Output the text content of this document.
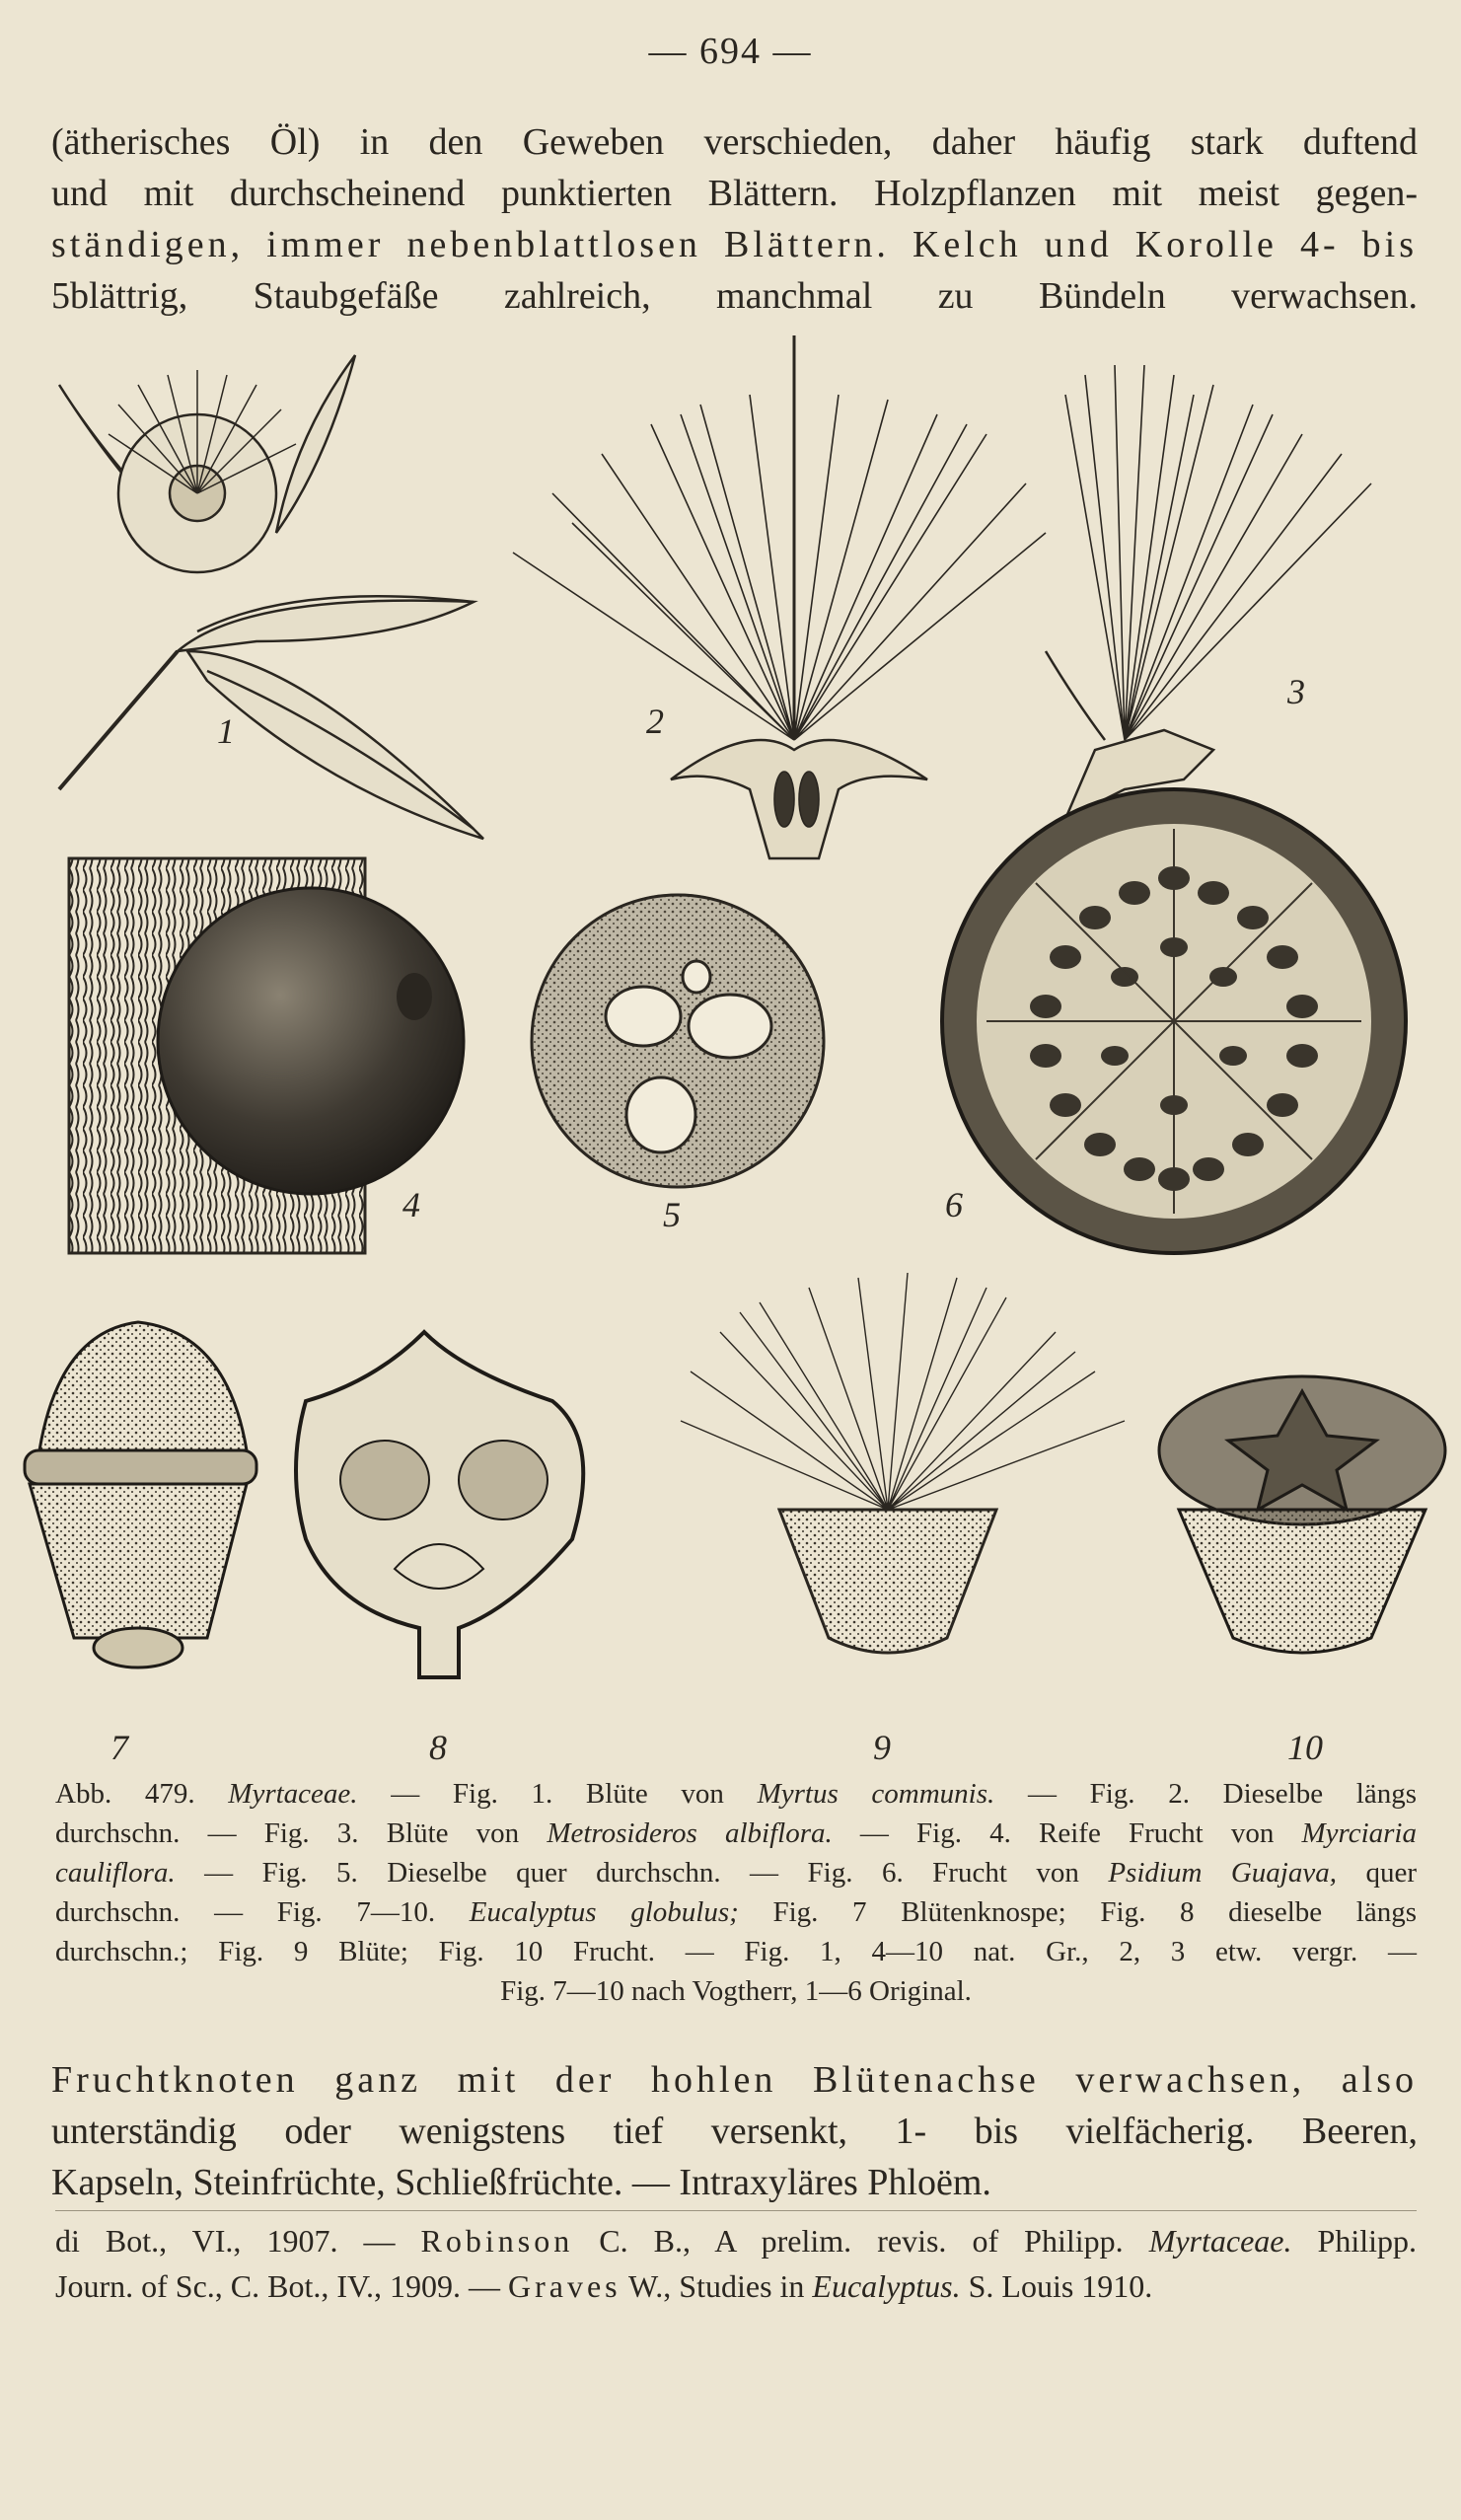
— 694 —
(ätherisches Öl) in den Geweben verschieden, daher häufig stark duftend
und mit durchscheinend punktierten Blättern. Holzpflanzen mit meist gegen-
ständigen, immer nebenblattlosen Blättern. Kelch und Korolle 4- bis
5blättrig, Staubgefäße zahlreich, manchmal zu Bündeln verwachsen.
1	2
3
4	5	6
7	8	9	10
Abb. 479. Myrtaceae. — Fig. 1. Blüte von Myrtus communis. — Fig. 2. Dieselbe längs
durchschn. — Fig. 3. Blüte von Metrosideros albiflora. — Fig. 4. Reife Frucht von Myrciaria
cauliflora. — Fig. 5. Dieselbe quer durchschn. — Fig. 6. Frucht von Psidium Guajava, quer
durchschn. — Fig. 7—10. Eucalyptus globulus; Fig. 7 Blütenknospe; Fig. 8 dieselbe längs
durchschn.; Fig. 9 Blüte; Fig. 10 Frucht. — Fig. 1, 4—10 nat. Gr., 2, 3 etw. vergr. —
Fig. 7—10 nach Vogtherr, 1—6 Original.
Fruchtknoten ganz mit der hohlen Blütenachse verwachsen, also
unterständig oder wenigstens tief versenkt, 1- bis vielfächerig. Beeren,
Kapseln, Steinfrüchte, Schließfrüchte. — Intraxyläres Phloëm.
di Bot., VI., 1907. — Robinson C. B., A prelim. revis. of Philipp. Myrtaceae. Philipp.
Journ. of Sc., C. Bot., IV., 1909. — Graves W., Studies in Eucalyptus. S. Louis 1910.
